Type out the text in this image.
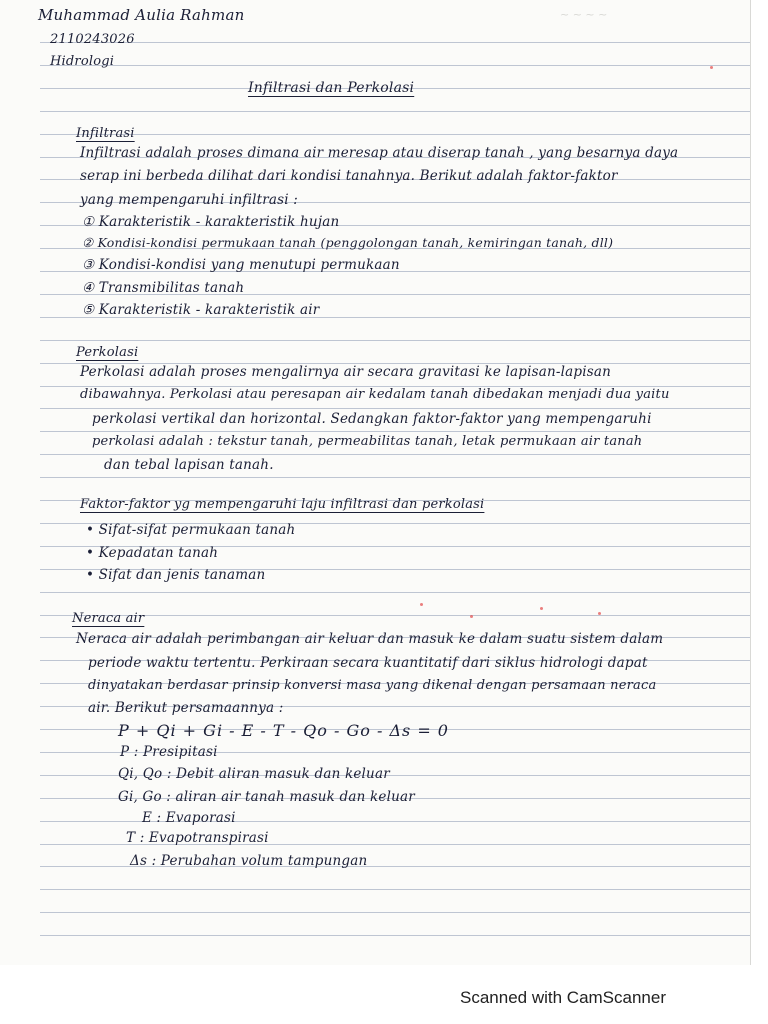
~ ~ ~ ~
Muhammad Aulia Rahman
2110243026
Hidrologi
Infiltrasi dan Perkolasi
Infiltrasi
Infiltrasi adalah proses dimana air meresap atau diserap tanah , yang besarnya daya
serap ini berbeda dilihat dari kondisi tanahnya. Berikut adalah faktor-faktor
yang mempengaruhi infiltrasi :
① Karakteristik - karakteristik hujan
② Kondisi-kondisi permukaan tanah (penggolongan tanah, kemiringan tanah, dll)
③ Kondisi-kondisi yang menutupi permukaan
④ Transmibilitas tanah
⑤ Karakteristik - karakteristik air
Perkolasi
Perkolasi adalah proses mengalirnya air secara gravitasi ke lapisan-lapisan
dibawahnya. Perkolasi atau peresapan air kedalam tanah dibedakan menjadi dua yaitu
perkolasi vertikal dan horizontal. Sedangkan faktor-faktor yang mempengaruhi
perkolasi adalah : tekstur tanah, permeabilitas tanah, letak permukaan air tanah
dan tebal lapisan tanah.
Faktor-faktor yg mempengaruhi laju infiltrasi dan perkolasi
• Sifat-sifat permukaan tanah
• Kepadatan tanah
• Sifat dan jenis tanaman
Neraca air
Neraca air adalah perimbangan air keluar dan masuk ke dalam suatu sistem dalam
periode waktu tertentu. Perkiraan secara kuantitatif dari siklus hidrologi dapat
dinyatakan berdasar prinsip konversi masa yang dikenal dengan persamaan neraca
air. Berikut persamaannya :
P + Qi + Gi - E - T - Qo - Go - Δs = 0
P : Presipitasi
Qi, Qo : Debit aliran masuk dan keluar
Gi, Go : aliran air tanah masuk dan keluar
E : Evaporasi
T : Evapotranspirasi
Δs : Perubahan volum tampungan
Scanned with CamScanner
